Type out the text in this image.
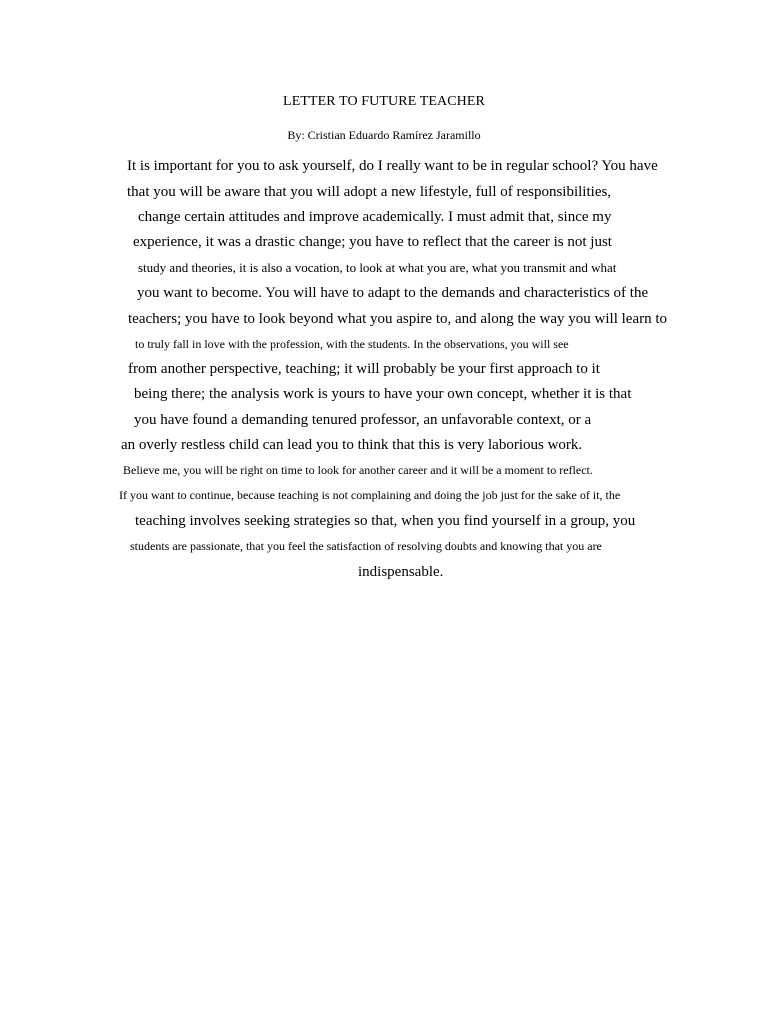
LETTER TO FUTURE TEACHER

By: Cristian Eduardo Ramírez Jaramillo

It is important for you to ask yourself, do I really want to be in regular school? You have

that you will be aware that you will adopt a new lifestyle, full of responsibilities,

change certain attitudes and improve academically. I must admit that, since my

experience, it was a drastic change; you have to reflect that the career is not just

study and theories, it is also a vocation, to look at what you are, what you transmit and what

you want to become. You will have to adapt to the demands and characteristics of the

teachers; you have to look beyond what you aspire to, and along the way you will learn to

to truly fall in love with the profession, with the students. In the observations, you will see

from another perspective, teaching; it will probably be your first approach to it

being there; the analysis work is yours to have your own concept, whether it is that

you have found a demanding tenured professor, an unfavorable context, or a

an overly restless child can lead you to think that this is very laborious work.

Believe me, you will be right on time to look for another career and it will be a moment to reflect.

If you want to continue, because teaching is not complaining and doing the job just for the sake of it, the

teaching involves seeking strategies so that, when you find yourself in a group, you

students are passionate, that you feel the satisfaction of resolving doubts and knowing that you are

indispensable.
